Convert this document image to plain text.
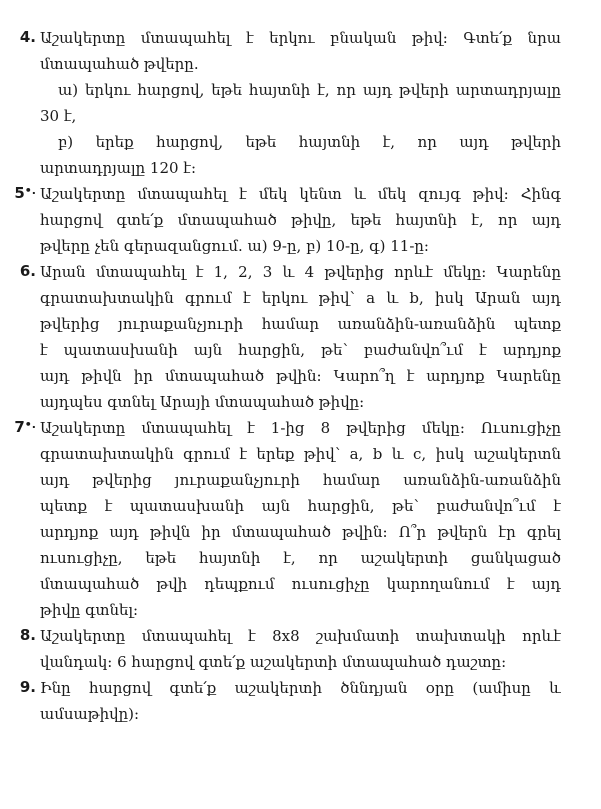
4. Աշակերտը մտապահել է երկու բնական թիվ: Գտե՛ք նրա
մտապահած թվերը.
ա) երկու հարցով, եթե հայտնի է, որ այդ թվերի արտադրյալը
30 է,
բ) երեք հարցով, եթե հայտնի է, որ այդ թվերի
արտադրյալը 120 է:
5•. Աշակերտը մտապահել է մեկ կենտ և մեկ զույգ թիվ: Հինգ
հարցով գտե՛ք մտապահած թիվը, եթե հայտնի է, որ այդ
թվերը չեն գերազանցում. ա) 9-ը, բ) 10-ը, գ) 11-ը:
6. Արան մտապահել է 1, 2, 3 և 4 թվերից որևէ մեկը: Կարենը
գրատախտակին գրում է երկու թիվ՝ a և b, իսկ Արան այդ
թվերից յուրաքանչյուրի համար առանձին-առանձին պետք
է պատասխանի այն հարցին, թե՝ բաժանվո՞ւմ է արդյոք
այդ թիվն իր մտապահած թվին: Կարո՞ղ է արդյոք Կարենը
այդպես գտնել Արայի մտապահած թիվը:
7•. Աշակերտը մտապահել է 1-ից 8 թվերից մեկը: Ուսուցիչը
գրատախտակին գրում է երեք թիվ՝ a, b և c, իսկ աշակերտն
այդ թվերից յուրաքանչյուրի համար առանձին-առանձին
պետք է պատասխանի այն հարցին, թե՝ բաժանվո՞ւմ է
արդյոք այդ թիվն իր մտապահած թվին: Ո՞ր թվերն էր գրել
ուսուցիչը, եթե հայտնի է, որ աշակերտի ցանկացած
մտապահած թվի դեպքում ուսուցիչը կարողանում է այդ
թիվը գտնել:
8. Աշակերտը մտապահել է 8x8 շախմատի տախտակի որևէ
վանդակ: 6 հարցով գտե՛ք աշակերտի մտապահած դաշտը:
9. Ինը հարցով գտե՛ք աշակերտի ծննդյան օրը (ամիսը և
ամսաթիվը):
